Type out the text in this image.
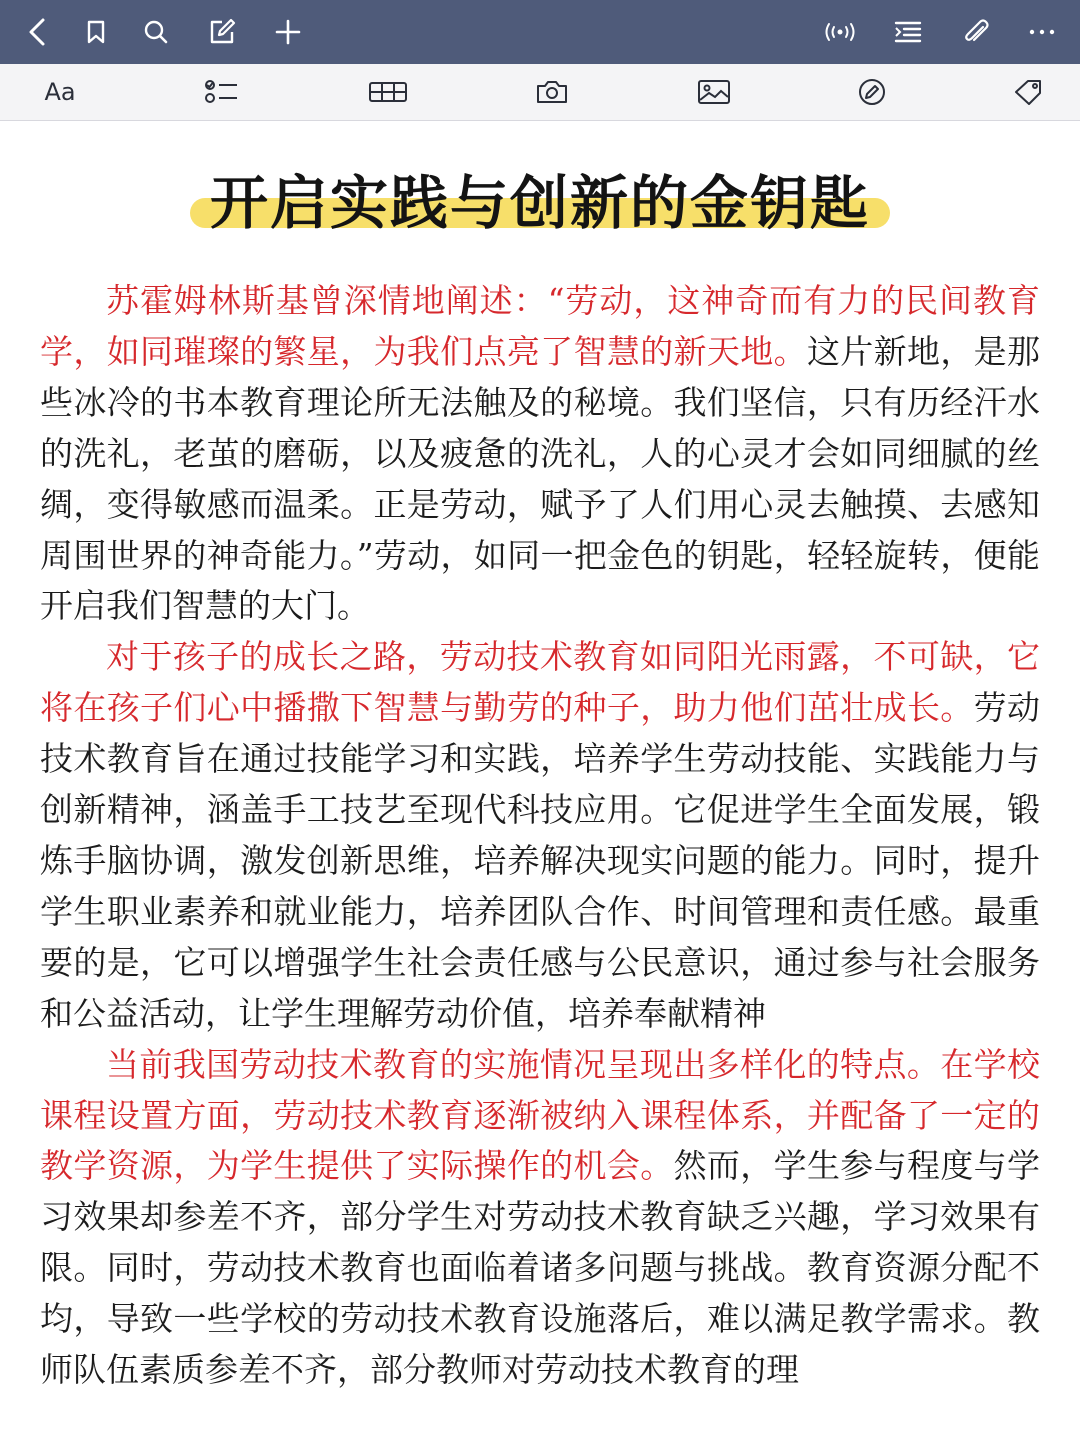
Aa
开启实践与创新的金钥匙

苏霍姆林斯基曾深情地阐述：“劳动，这神奇而有力的民间教育学，如同璀璨的繁星，为我们点亮了智慧的新天地。这片新地，是那些冰冷的书本教育理论所无法触及的秘境。我们坚信，只有历经汗水的洗礼，老茧的磨砺，以及疲惫的洗礼，人的心灵才会如同细腻的丝绸，变得敏感而温柔。正是劳动，赋予了人们用心灵去触摸、去感知周围世界的神奇能力。”劳动，如同一把金色的钥匙，轻轻旋转，便能开启我们智慧的大门。

对于孩子的成长之路，劳动技术教育如同阳光雨露，不可缺，它将在孩子们心中播撒下智慧与勤劳的种子，助力他们茁壮成长。劳动技术教育旨在通过技能学习和实践，培养学生劳动技能、实践能力与创新精神，涵盖手工技艺至现代科技应用。它促进学生全面发展，锻炼手脑协调，激发创新思维，培养解决现实问题的能力。同时，提升学生职业素养和就业能力，培养团队合作、时间管理和责任感。最重要的是，它可以增强学生社会责任感与公民意识，通过参与社会服务和公益活动，让学生理解劳动价值，培养奉献精神

当前我国劳动技术教育的实施情况呈现出多样化的特点。在学校课程设置方面，劳动技术教育逐渐被纳入课程体系，并配备了一定的教学资源，为学生提供了实际操作的机会。然而，学生参与程度与学习效果却参差不齐，部分学生对劳动技术教育缺乏兴趣，学习效果有限。同时，劳动技术教育也面临着诸多问题与挑战。教育资源分配不均，导致一些学校的劳动技术教育设施落后，难以满足教学需求。教师队伍素质参差不齐，部分教师对劳动技术教育的理
